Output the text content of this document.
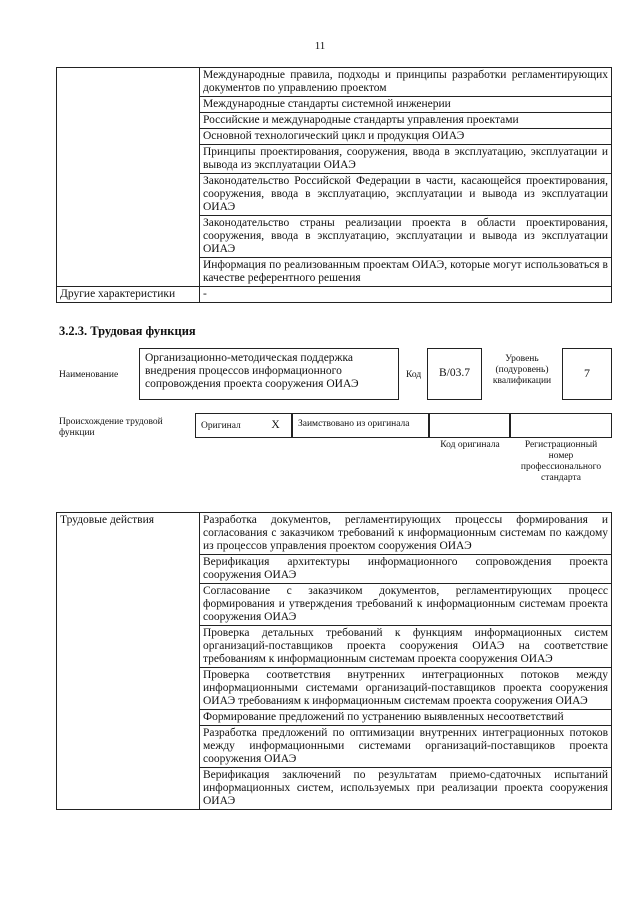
11
	Международные правила, подходы и принципы разработки регламентирующих документов по управлению проектом
	Международные стандарты системной инженерии
	Российские и международные стандарты управления проектами
	Основной технологический цикл и продукция ОИАЭ
	Принципы проектирования, сооружения, ввода в эксплуатацию, эксплуатации и вывода из эксплуатации ОИАЭ
	Законодательство Российской Федерации в части, касающейся проектирования, сооружения, ввода в эксплуатацию, эксплуатации и вывода из эксплуатации ОИАЭ
	Законодательство страны реализации проекта в области проектирования, сооружения, ввода в эксплуатацию, эксплуатации и вывода из эксплуатации ОИАЭ
	Информация по реализованным проектам ОИАЭ, которые могут использоваться в качестве референтного решения
Другие характеристики	-
3.2.3. Трудовая функция
Наименование
Организационно-методическая поддержка внедрения процессов информационного сопровождения проекта сооружения ОИАЭ
Код	B/03.7
Уровень (подуровень) квалификации
7
Происхождение трудовой функции
Оригинал	X	Заимствовано из оригинала
Код оригинала	Регистрационный номер профессионального стандарта
Трудовые действия	Разработка документов, регламентирующих процессы формирования и согласования с заказчиком требований к информационным системам по каждому из процессов управления проектом сооружения ОИАЭ
Верификация архитектуры информационного сопровождения проекта сооружения ОИАЭ
Согласование с заказчиком документов, регламентирующих процесс формирования и утверждения требований к информационным системам проекта сооружения ОИАЭ
Проверка детальных требований к функциям информационных систем организаций-поставщиков проекта сооружения ОИАЭ на соответствие требованиям к информационным системам проекта сооружения ОИАЭ
Проверка соответствия внутренних интеграционных потоков между информационными системами организаций-поставщиков проекта сооружения ОИАЭ требованиям к информационным системам проекта сооружения ОИАЭ
Формирование предложений по устранению выявленных несоответствий
Разработка предложений по оптимизации внутренних интеграционных потоков между информационными системами организаций-поставщиков проекта сооружения ОИАЭ
Верификация заключений по результатам приемо-сдаточных испытаний информационных систем, используемых при реализации проекта сооружения ОИАЭ
